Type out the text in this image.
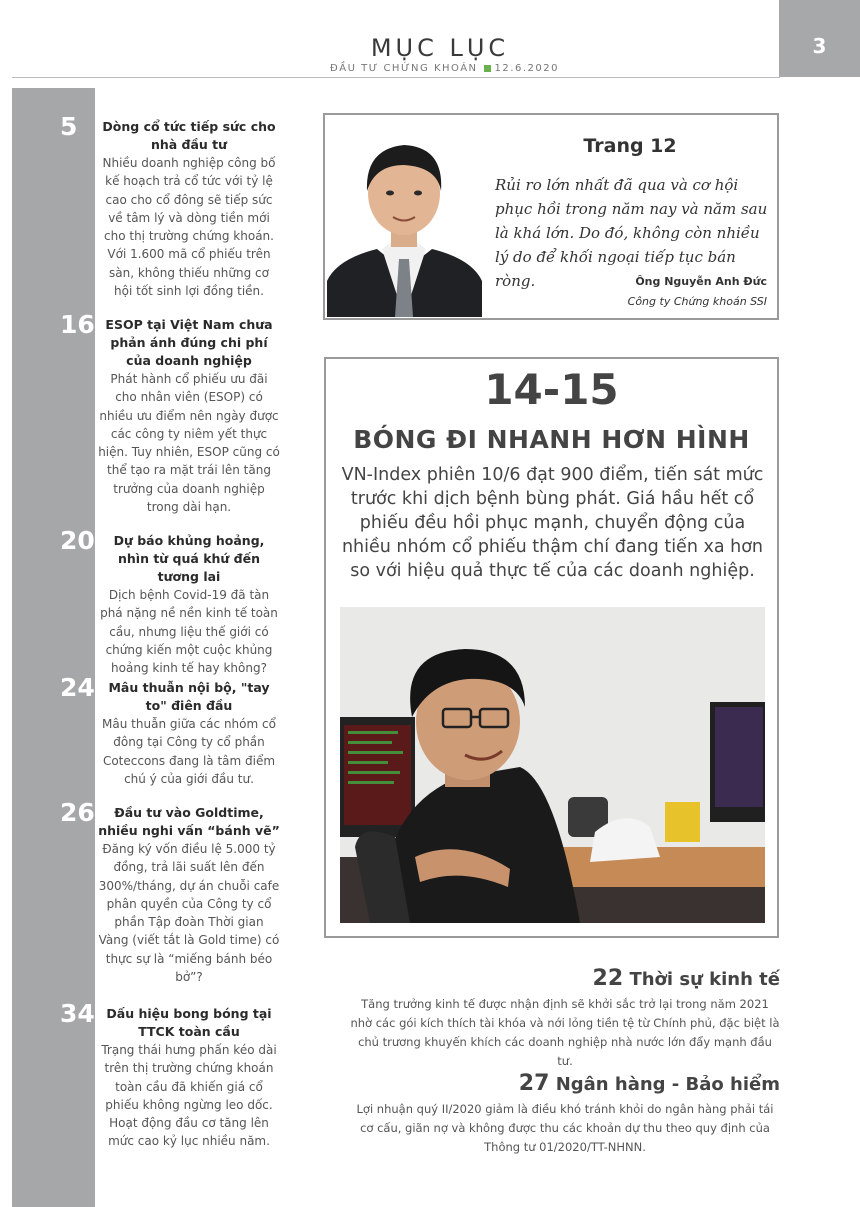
MỤC LỤC
ĐẦU TƯ CHỨNG KHOÁN 12.6.2020
3
5	Dòng cổ tức tiếp sức cho nhà đầu tư
Nhiều doanh nghiệp công bố kế hoạch trả cổ tức với tỷ lệ cao cho cổ đông sẽ tiếp sức về tâm lý và dòng tiền mới cho thị trường chứng khoán. Với 1.600 mã cổ phiếu trên sàn, không thiếu những cơ hội tốt sinh lợi đồng tiền.
16 ESOP tại Việt Nam chưa phản ánh đúng chi phí của doanh nghiệp
Phát hành cổ phiếu ưu đãi cho nhân viên (ESOP) có nhiều ưu điểm nên ngày được các công ty niêm yết thực hiện. Tuy nhiên, ESOP cũng có thể tạo ra mặt trái lên tăng trưởng của doanh nghiệp trong dài hạn.
20	Dự báo khủng hoảng, nhìn từ quá khứ đến tương lai
Dịch bệnh Covid-19 đã tàn phá nặng nề nền kinh tế toàn cầu, nhưng liệu thế giới có chứng kiến một cuộc khủng hoảng kinh tế hay không?
24	Mâu thuẫn nội bộ, "tay to" điên đầu
Mâu thuẫn giữa các nhóm cổ đông tại Công ty cổ phần Coteccons đang là tâm điểm chú ý của giới đầu tư.
26	Đầu tư vào Goldtime, nhiều nghi vấn “bánh vẽ”
Đăng ký vốn điều lệ 5.000 tỷ đồng, trả lãi suất lên đến 300%/tháng, dự án chuỗi cafe phân quyền của Công ty cổ phần Tập đoàn Thời gian Vàng (viết tắt là Gold time) có thực sự là “miếng bánh béo bở”?
34 Dấu hiệu bong bóng tại TTCK toàn cầu
Trạng thái hưng phấn kéo dài trên thị trường chứng khoán toàn cầu đã khiến giá cổ phiếu không ngừng leo dốc. Hoạt động đầu cơ tăng lên mức cao kỷ lục nhiều năm.
Trang 12
Rủi ro lớn nhất đã qua và cơ hội phục hồi trong năm nay và năm sau là khá lớn. Do đó, không còn nhiều lý do để khối ngoại tiếp tục bán ròng.	Ông Nguyễn Anh Đức
Công ty Chứng khoán SSI
14-15
BÓNG ĐI NHANH HƠN HÌNH
VN-Index phiên 10/6 đạt 900 điểm, tiến sát mức trước khi dịch bệnh bùng phát. Giá hầu hết cổ phiếu đều hồi phục mạnh, chuyển động của nhiều nhóm cổ phiếu thậm chí đang tiến xa hơn so với hiệu quả thực tế của các doanh nghiệp.
22 Thời sự kinh tế
Tăng trưởng kinh tế được nhận định sẽ khởi sắc trở lại trong năm 2021 nhờ các gói kích thích tài khóa và nới lỏng tiền tệ từ Chính phủ, đặc biệt là chủ trương khuyến khích các doanh nghiệp nhà nước lớn đẩy mạnh đầu tư.
27 Ngân hàng - Bảo hiểm
Lợi nhuận quý II/2020 giảm là điều khó tránh khỏi do ngân hàng phải tái cơ cấu, giãn nợ và không được thu các khoản dự thu theo quy định của Thông tư 01/2020/TT-NHNN.
